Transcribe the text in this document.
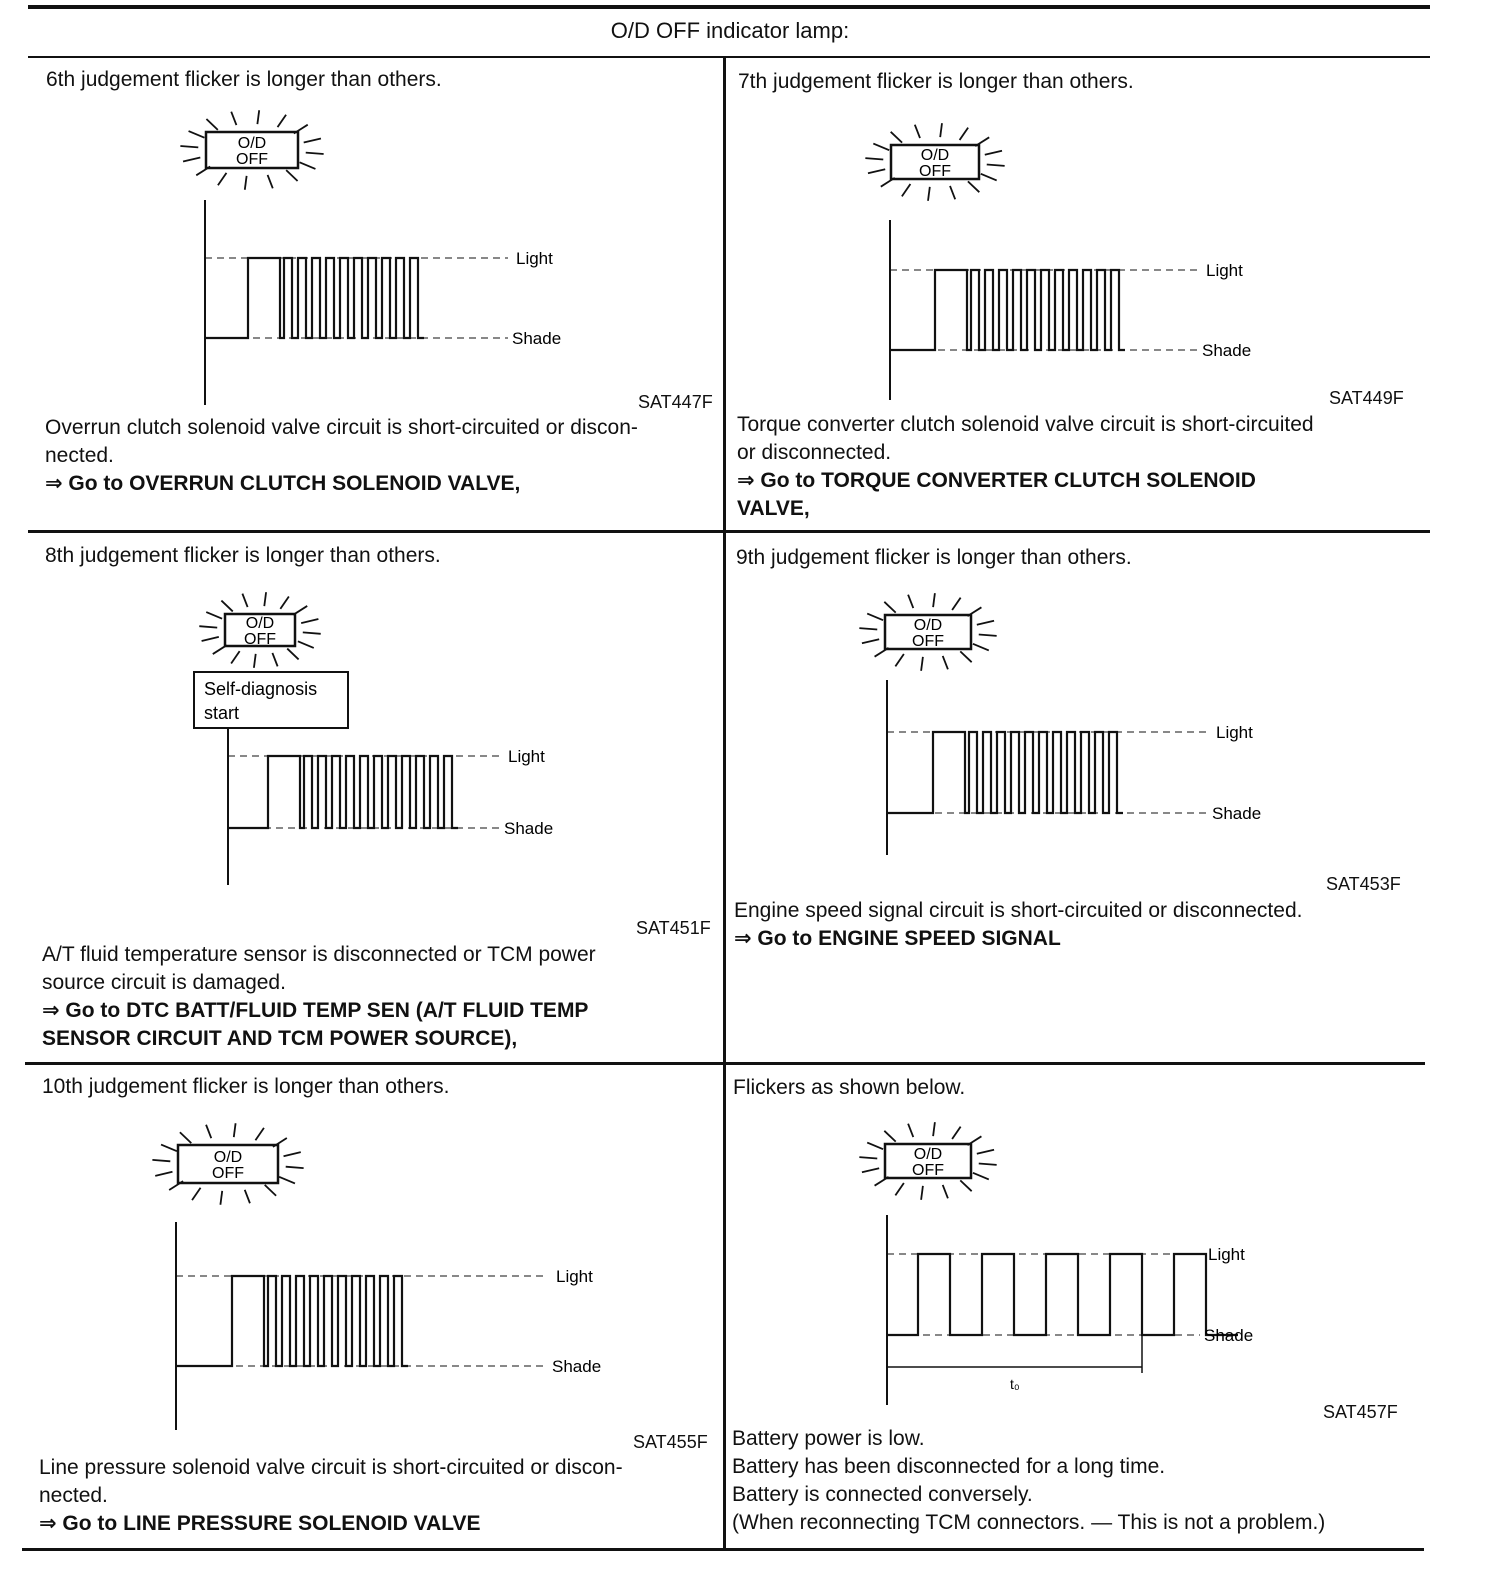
O/D OFF indicator lamp:
6th judgement flicker is longer than others.
O/D
OFF
Light
Shade
SAT447F
Overrun clutch solenoid valve circuit is short-circuited or discon-
nected.
⇒ Go to OVERRUN CLUTCH SOLENOID VALVE,
7th judgement flicker is longer than others.
O/D
OFF
Light
Shade
SAT449F
Torque converter clutch solenoid valve circuit is short-circuited
or disconnected.
⇒ Go to TORQUE CONVERTER CLUTCH SOLENOID
VALVE,
8th judgement flicker is longer than others.
O/D
OFF
Self-diagnosis
start
Light
Shade
SAT451F
A/T fluid temperature sensor is disconnected or TCM power
source circuit is damaged.
⇒ Go to DTC BATT/FLUID TEMP SEN (A/T FLUID TEMP
SENSOR CIRCUIT AND TCM POWER SOURCE),
9th judgement flicker is longer than others.
O/D
OFF
Light
Shade
SAT453F
Engine speed signal circuit is short-circuited or disconnected.
⇒ Go to ENGINE SPEED SIGNAL
10th judgement flicker is longer than others.
O/D
OFF
Light
Shade
SAT455F
Line pressure solenoid valve circuit is short-circuited or discon-
nected.
⇒ Go to LINE PRESSURE SOLENOID VALVE
Flickers as shown below.
O/D
OFF
Light
Shade
t₀
SAT457F
Battery power is low.
Battery has been disconnected for a long time.
Battery is connected conversely.
(When reconnecting TCM connectors. — This is not a problem.)
